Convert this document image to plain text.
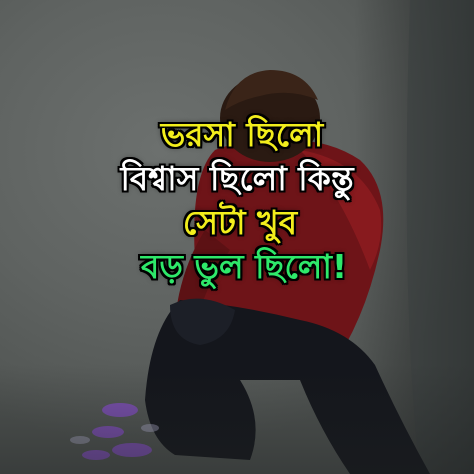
ভরসা ছিলো
বিশ্বাস ছিলো কিন্তু
সেটা খুব
বড় ভুল ছিলো!
